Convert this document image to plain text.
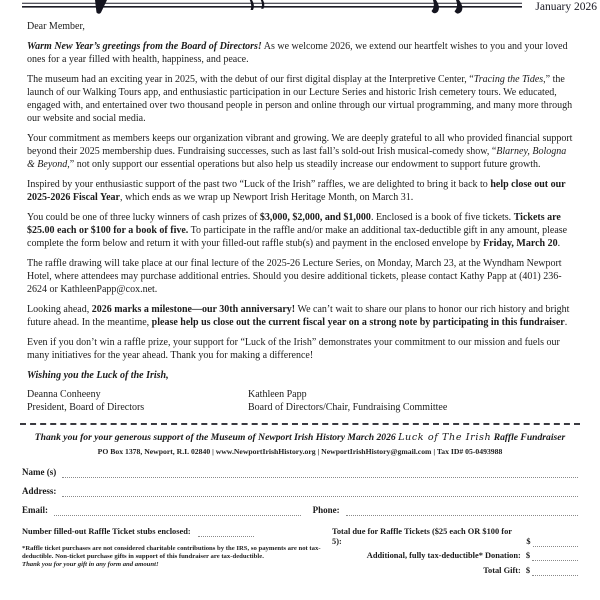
January 2026
Dear Member,

Warm New Year’s greetings from the Board of Directors! As we welcome 2026, we extend our heartfelt wishes to you and your loved ones for a year filled with health, happiness, and peace.

The museum had an exciting year in 2025, with the debut of our first digital display at the Interpretive Center, “Tracing the Tides,” the launch of our Walking Tours app, and enthusiastic participation in our Lecture Series and historic Irish cemetery tours. We educated, engaged with, and entertained over two thousand people in person and online through our virtual programming, and many more through our website and social media.

Your commitment as members keeps our organization vibrant and growing. We are deeply grateful to all who provided financial support beyond their 2025 membership dues. Fundraising successes, such as last fall’s sold-out Irish musical-comedy show, “Blarney, Bologna & Beyond,” not only support our essential operations but also help us steadily increase our endowment to support future growth.

Inspired by your enthusiastic support of the past two “Luck of the Irish” raffles, we are delighted to bring it back to help close out our 2025-2026 Fiscal Year, which ends as we wrap up Newport Irish Heritage Month, on March 31.

You could be one of three lucky winners of cash prizes of $3,000, $2,000, and $1,000. Enclosed is a book of five tickets. Tickets are $25.00 each or $100 for a book of five. To participate in the raffle and/or make an additional tax-deductible gift in any amount, please complete the form below and return it with your filled-out raffle stub(s) and payment in the enclosed envelope by Friday, March 20.

The raffle drawing will take place at our final lecture of the 2025-26 Lecture Series, on Monday, March 23, at the Wyndham Newport Hotel, where attendees may purchase additional entries. Should you desire additional tickets, please contact Kathy Papp at (401) 236-2624 or KathleenPapp@cox.net.

Looking ahead, 2026 marks a milestone—our 30th anniversary! We can’t wait to share our plans to honor our rich history and bright future ahead. In the meantime, please help us close out the current fiscal year on a strong note by participating in this fundraiser.

Even if you don’t win a raffle prize, your support for “Luck of the Irish” demonstrates your commitment to our mission and fuels our many initiatives for the year ahead. Thank you for making a difference!

Wishing you the Luck of the Irish,
Deanna Conheeny
President, Board of Directors
Kathleen Papp
Board of Directors/Chair, Fundraising Committee
Thank you for your generous support of the Museum of Newport Irish History March 2026 Luck of The Irish Raffle Fundraiser
PO Box 1378, Newport, R.I. 02840 | www.NewportIrishHistory.org | NewportIrishHistory@gmail.com | Tax ID# 05-0493988
Name (s)
Address:
Email:	Phone:
Number filled-out Raffle Ticket stubs enclosed:
*Raffle ticket purchases are not considered charitable contributions by the IRS, so payments are not tax-deductible. Non-ticket purchase gifts in support of this fundraiser are tax-deductible.
Thank you for your gift in any form and amount!
Total due for Raffle Tickets ($25 each OR $100 for 5):	$
Additional, fully tax-deductible* Donation: $
Total Gift: $
